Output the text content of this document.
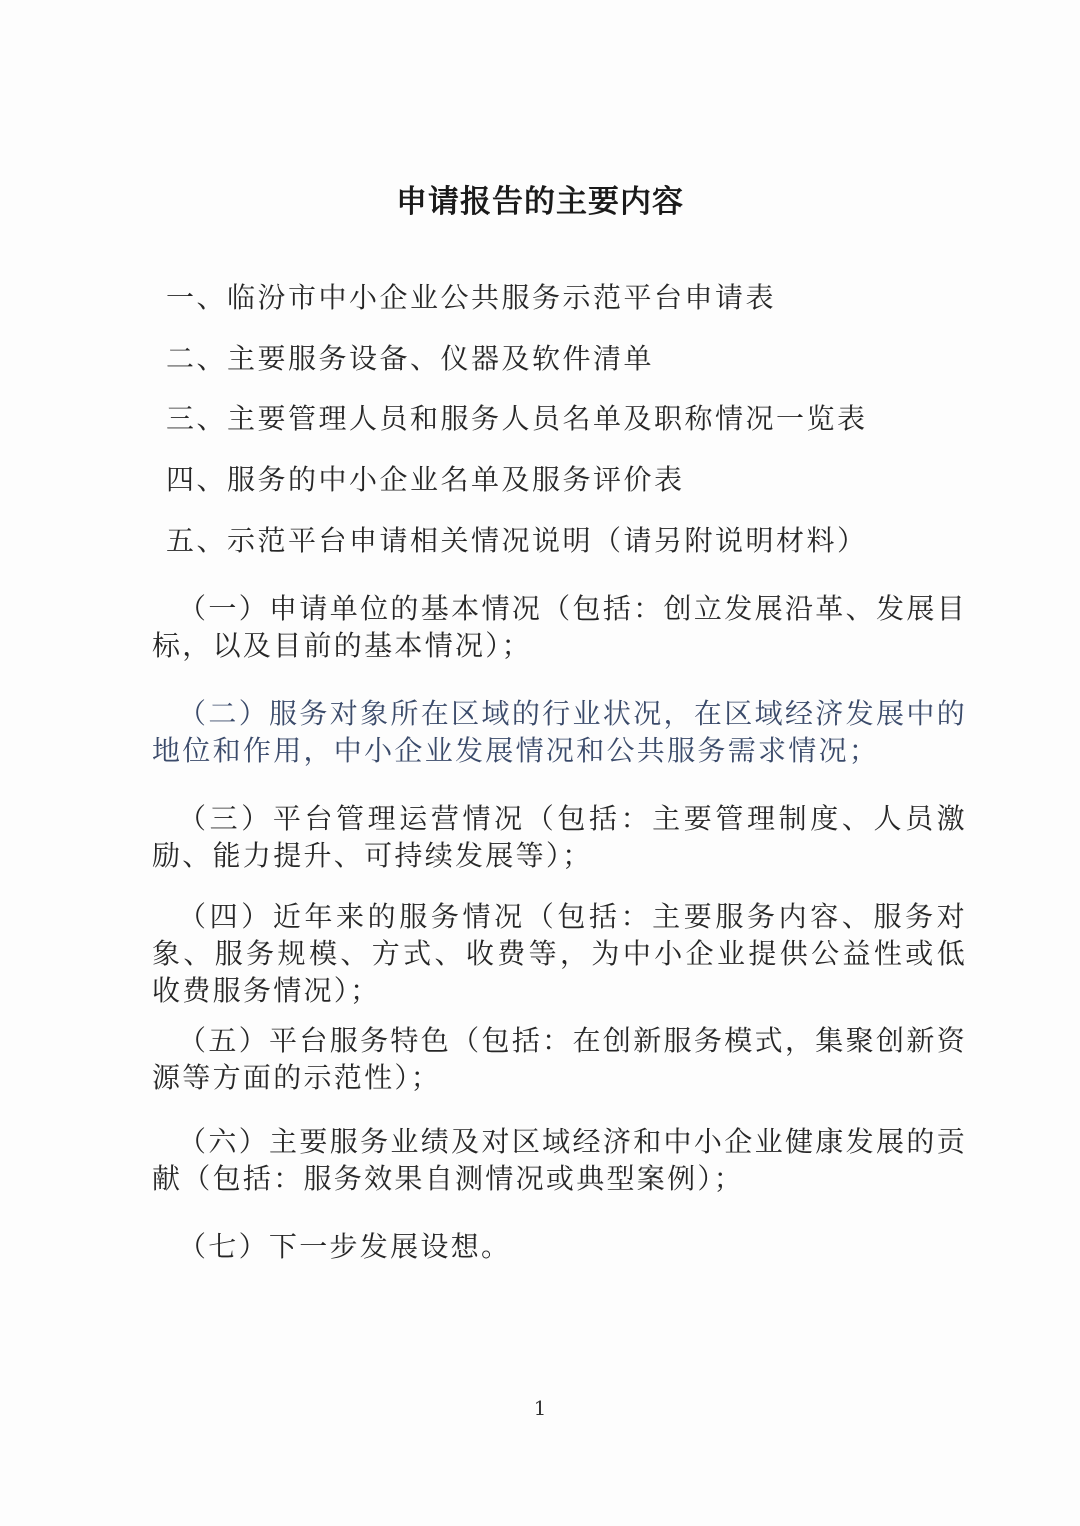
申请报告的主要内容
一、临汾市中小企业公共服务示范平台申请表
二、主要服务设备、仪器及软件清单
三、主要管理人员和服务人员名单及职称情况一览表
四、服务的中小企业名单及服务评价表
五、示范平台申请相关情况说明（请另附说明材料）
（一）申请单位的基本情况（包括：创立发展沿革、发展目标，以及目前的基本情况）；
（二）服务对象所在区域的行业状况，在区域经济发展中的地位和作用，中小企业发展情况和公共服务需求情况；
（三）平台管理运营情况（包括：主要管理制度、人员激励、能力提升、可持续发展等）；
（四）近年来的服务情况（包括：主要服务内容、服务对象、服务规模、方式、收费等，为中小企业提供公益性或低收费服务情况）；
（五）平台服务特色（包括：在创新服务模式，集聚创新资源等方面的示范性）；
（六）主要服务业绩及对区域经济和中小企业健康发展的贡献（包括：服务效果自测情况或典型案例）；
（七）下一步发展设想。
1
